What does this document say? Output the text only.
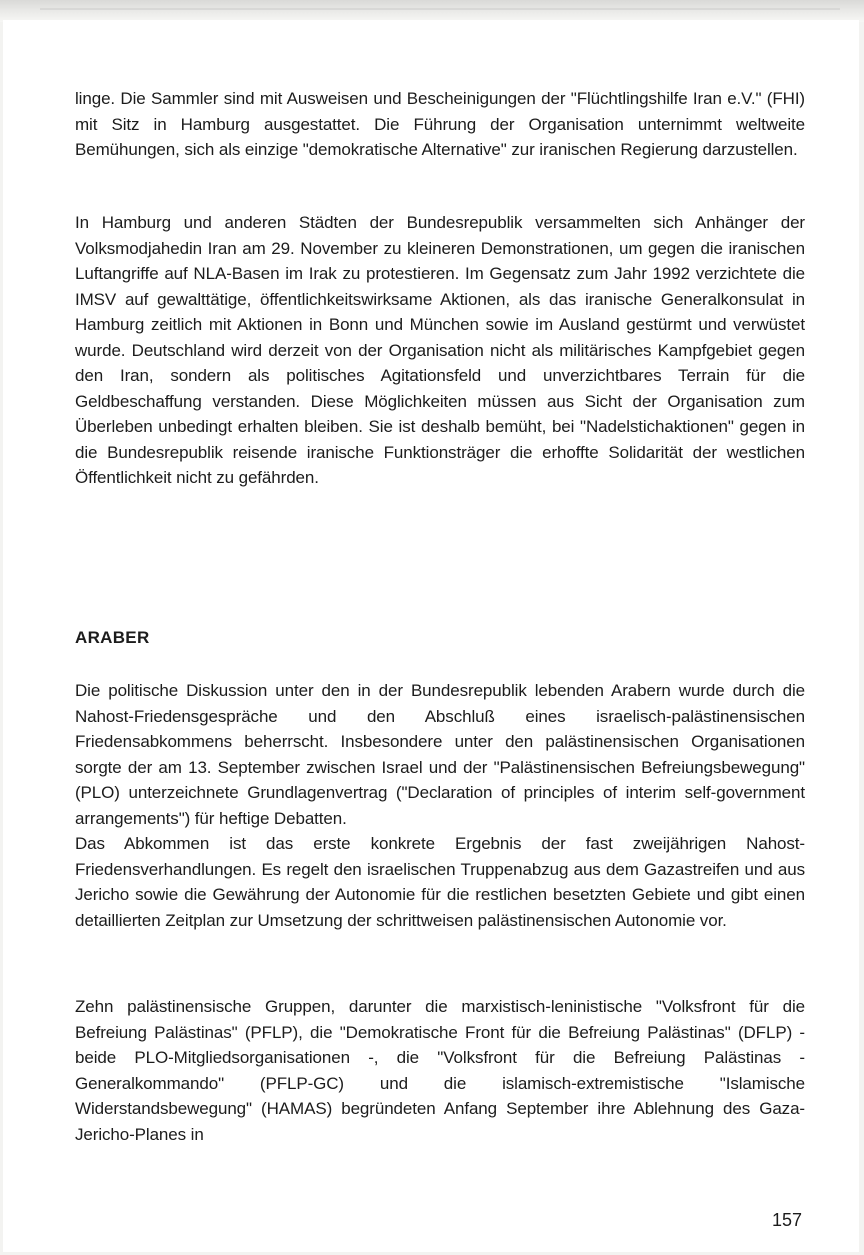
linge. Die Sammler sind mit Ausweisen und Bescheinigungen der "Flüchtlingshilfe Iran e.V." (FHI) mit Sitz in Hamburg ausgestattet. Die Führung der Organisation unternimmt weltweite Bemühungen, sich als einzige "demokratische Alternative" zur iranischen Regierung darzustellen.
In Hamburg und anderen Städten der Bundesrepublik versammelten sich Anhänger der Volksmodjahedin Iran am 29. November zu kleineren Demonstrationen, um gegen die iranischen Luftangriffe auf NLA-Basen im Irak zu protestieren. Im Gegensatz zum Jahr 1992 verzichtete die IMSV auf gewalttätige, öffentlichkeitswirksame Aktionen, als das iranische Generalkonsulat in Hamburg zeitlich mit Aktionen in Bonn und München sowie im Ausland gestürmt und verwüstet wurde. Deutschland wird derzeit von der Organisation nicht als militärisches Kampfgebiet gegen den Iran, sondern als politisches Agitationsfeld und unverzichtbares Terrain für die Geldbeschaffung verstanden. Diese Möglichkeiten müssen aus Sicht der Organisation zum Überleben unbedingt erhalten bleiben. Sie ist deshalb bemüht, bei "Nadelstichaktionen" gegen in die Bundesrepublik reisende iranische Funktionsträger die erhoffte Solidarität der westlichen Öffentlichkeit nicht zu gefährden.
ARABER
Die politische Diskussion unter den in der Bundesrepublik lebenden Arabern wurde durch die Nahost-Friedensgespräche und den Abschluß eines israelisch-palästinensischen Friedensabkommens beherrscht. Insbesondere unter den palästinensischen Organisationen sorgte der am 13. September zwischen Israel und der "Palästinensischen Befreiungsbewegung" (PLO) unterzeichnete Grundlagenvertrag ("Declaration of principles of interim self-government arrangements") für heftige Debatten.
Das Abkommen ist das erste konkrete Ergebnis der fast zweijährigen Nahost-Friedensverhandlungen. Es regelt den israelischen Truppenabzug aus dem Gazastreifen und aus Jericho sowie die Gewährung der Autonomie für die restlichen besetzten Gebiete und gibt einen detaillierten Zeitplan zur Umsetzung der schrittweisen palästinensischen Autonomie vor.
Zehn palästinensische Gruppen, darunter die marxistisch-leninistische "Volksfront für die Befreiung Palästinas" (PFLP), die "Demokratische Front für die Befreiung Palästinas" (DFLP) - beide PLO-Mitgliedsorganisationen -, die "Volksfront für die Befreiung Palästinas - Generalkommando" (PFLP-GC) und die islamisch-extremistische "Islamische Widerstandsbewegung" (HAMAS) begründeten Anfang September ihre Ablehnung des Gaza-Jericho-Planes in
157
